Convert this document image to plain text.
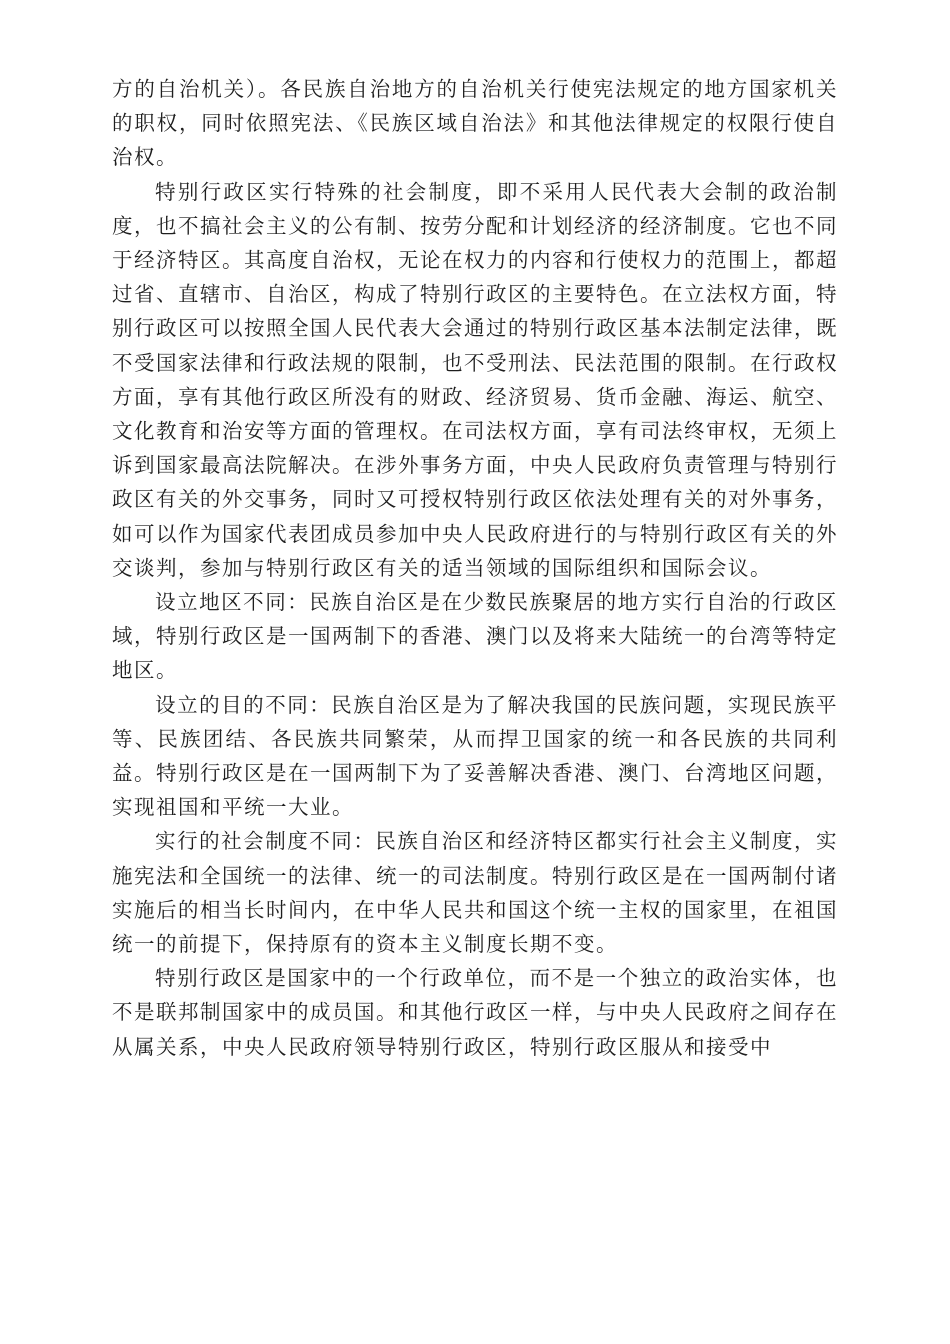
方的自治机关）。各民族自治地方的自治机关行使宪法规定的地方国家机关的职权，同时依照宪法、《民族区域自治法》和其他法律规定的权限行使自治权。

特别行政区实行特殊的社会制度，即不采用人民代表大会制的政治制度，也不搞社会主义的公有制、按劳分配和计划经济的经济制度。它也不同于经济特区。其高度自治权，无论在权力的内容和行使权力的范围上，都超过省、直辖市、自治区，构成了特别行政区的主要特色。在立法权方面，特别行政区可以按照全国人民代表大会通过的特别行政区基本法制定法律，既不受国家法律和行政法规的限制，也不受刑法、民法范围的限制。在行政权方面，享有其他行政区所没有的财政、经济贸易、货币金融、海运、航空、文化教育和治安等方面的管理权。在司法权方面，享有司法终审权，无须上诉到国家最高法院解决。在涉外事务方面，中央人民政府负责管理与特别行政区有关的外交事务，同时又可授权特别行政区依法处理有关的对外事务，如可以作为国家代表团成员参加中央人民政府进行的与特别行政区有关的外交谈判，参加与特别行政区有关的适当领域的国际组织和国际会议。

设立地区不同：民族自治区是在少数民族聚居的地方实行自治的行政区域，特别行政区是一国两制下的香港、澳门以及将来大陆统一的台湾等特定地区。

设立的目的不同：民族自治区是为了解决我国的民族问题，实现民族平等、民族团结、各民族共同繁荣，从而捍卫国家的统一和各民族的共同利益。特别行政区是在一国两制下为了妥善解决香港、澳门、台湾地区问题，实现祖国和平统一大业。

实行的社会制度不同：民族自治区和经济特区都实行社会主义制度，实施宪法和全国统一的法律、统一的司法制度。特别行政区是在一国两制付诸实施后的相当长时间内，在中华人民共和国这个统一主权的国家里，在祖国统一的前提下，保持原有的资本主义制度长期不变。

特别行政区是国家中的一个行政单位，而不是一个独立的政治实体，也不是联邦制国家中的成员国。和其他行政区一样，与中央人民政府之间存在从属关系，中央人民政府领导特别行政区，特别行政区服从和接受中
